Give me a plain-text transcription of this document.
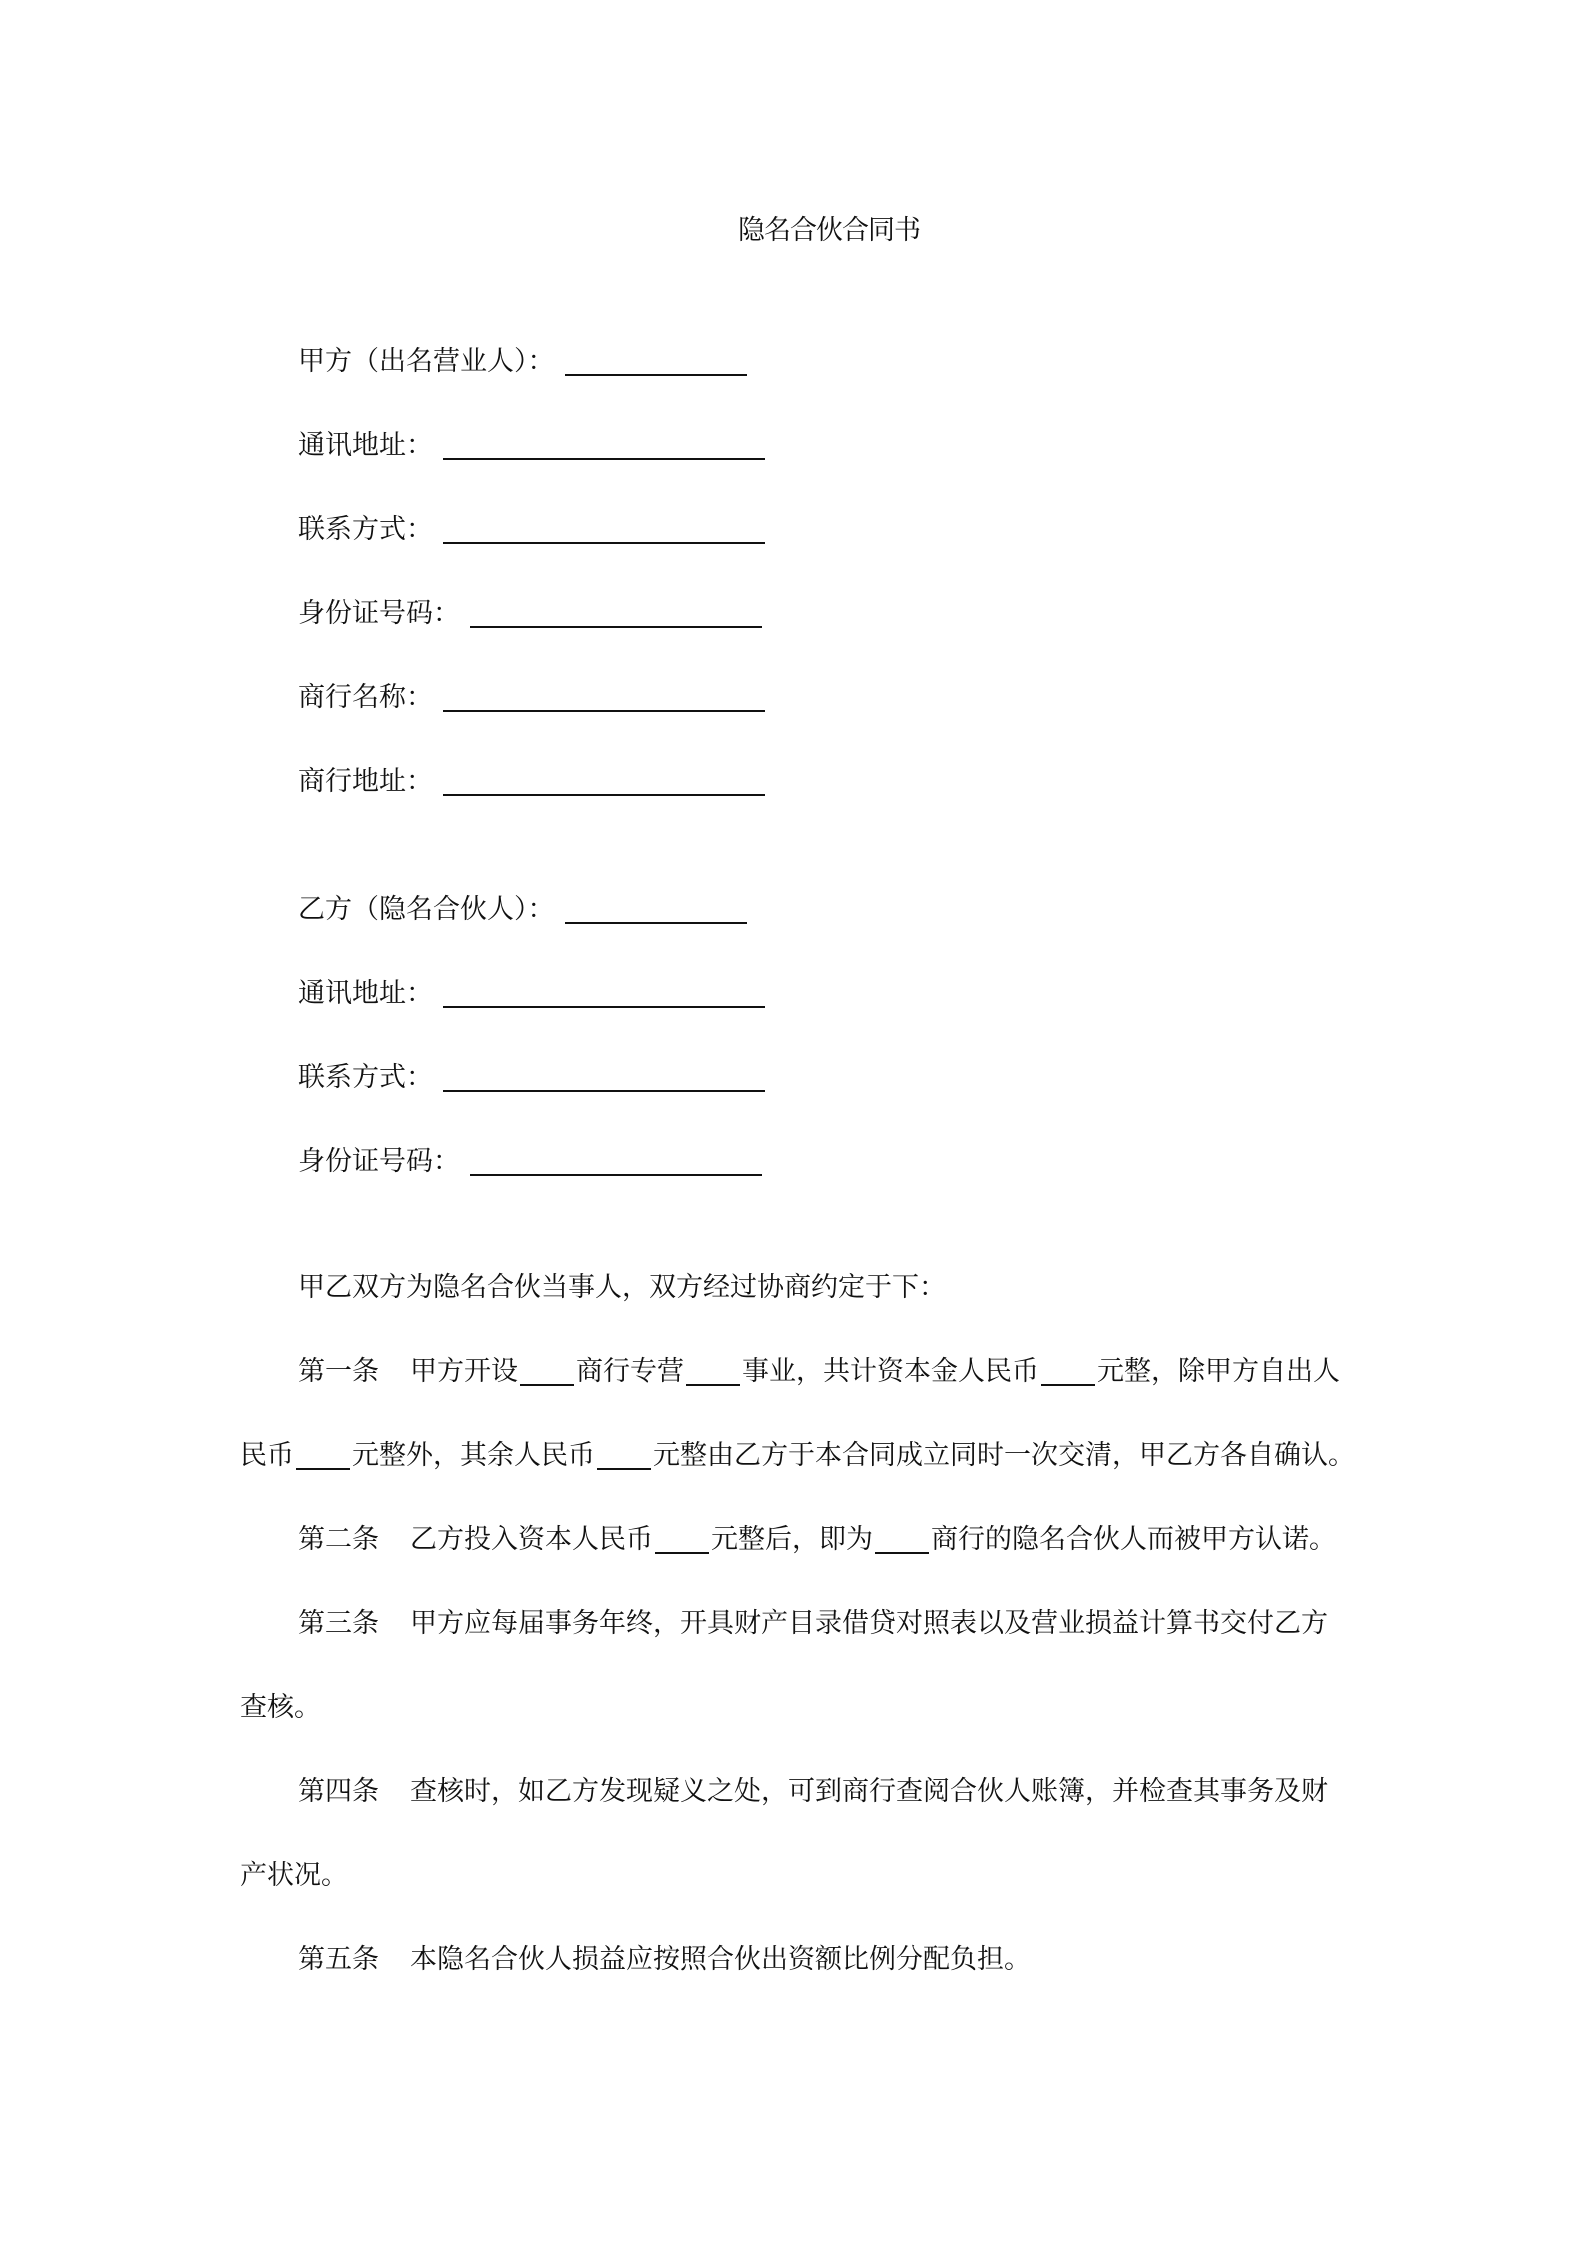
隐名合伙合同书
甲方（出名营业人）：
通讯地址：
联系方式：
身份证号码：
商行名称：
商行地址：
乙方（隐名合伙人）：
通讯地址：
联系方式：
身份证号码：
甲乙双方为隐名合伙当事人，双方经过协商约定于下：
第一条 甲方开设 商行专营 事业，共计资本金人民币 元整，除甲方自出人
民币 元整外，其余人民币 元整由乙方于本合同成立同时一次交清，甲乙方各自确认。
第二条 乙方投入资本人民币 元整后，即为 商行的隐名合伙人而被甲方认诺。
第三条 甲方应每届事务年终，开具财产目录借贷对照表以及营业损益计算书交付乙方
查核。
第四条 查核时，如乙方发现疑义之处，可到商行查阅合伙人账簿，并检查其事务及财
产状况。
第五条 本隐名合伙人损益应按照合伙出资额比例分配负担。
